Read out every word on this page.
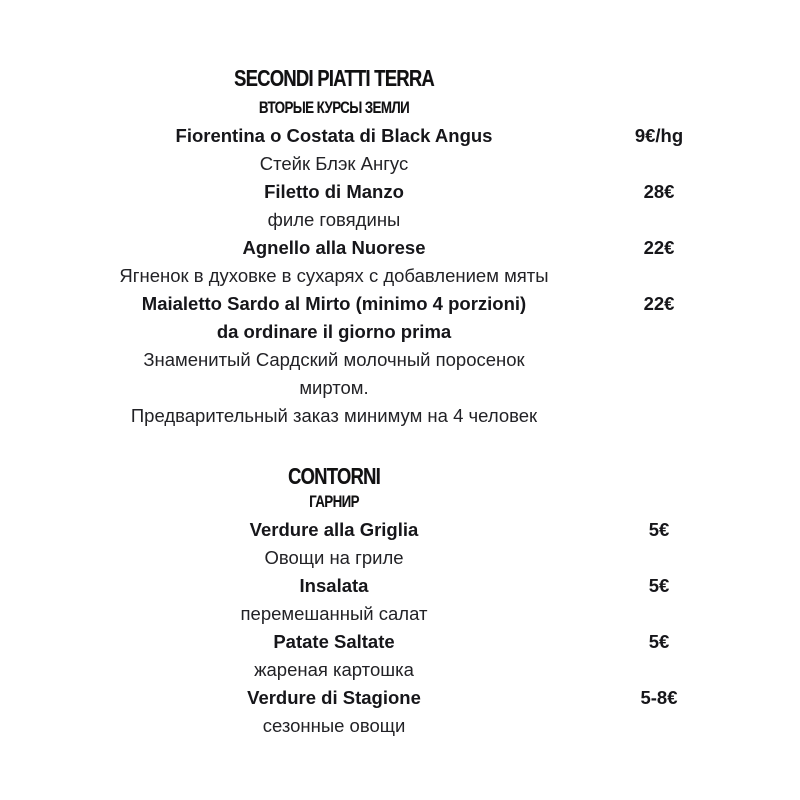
SECONDI PIATTI TERRA
ВТОРЫЕ КУРСЫ ЗЕМЛИ
Fiorentina o Costata di Black Angus	9€/hg
Стейк Блэк Ангус
Filetto di Manzo	28€
филе говядины
Agnello alla Nuorese	22€
Ягненок в духовке в сухарях с добавлением мяты
Maialetto Sardo al Mirto (minimo 4 porzioni)	22€
da ordinare il giorno prima
Знаменитый Сардский молочный поросенок
миртом.
Предварительный заказ минимум на 4 человек
CONTORNI
ГАРНИР
Verdure alla Griglia	5€
Овощи на гриле
Insalata	5€
перемешанный салат
Patate Saltate	5€
жареная картошка
Verdure di Stagione	5-8€
сезонные овощи
